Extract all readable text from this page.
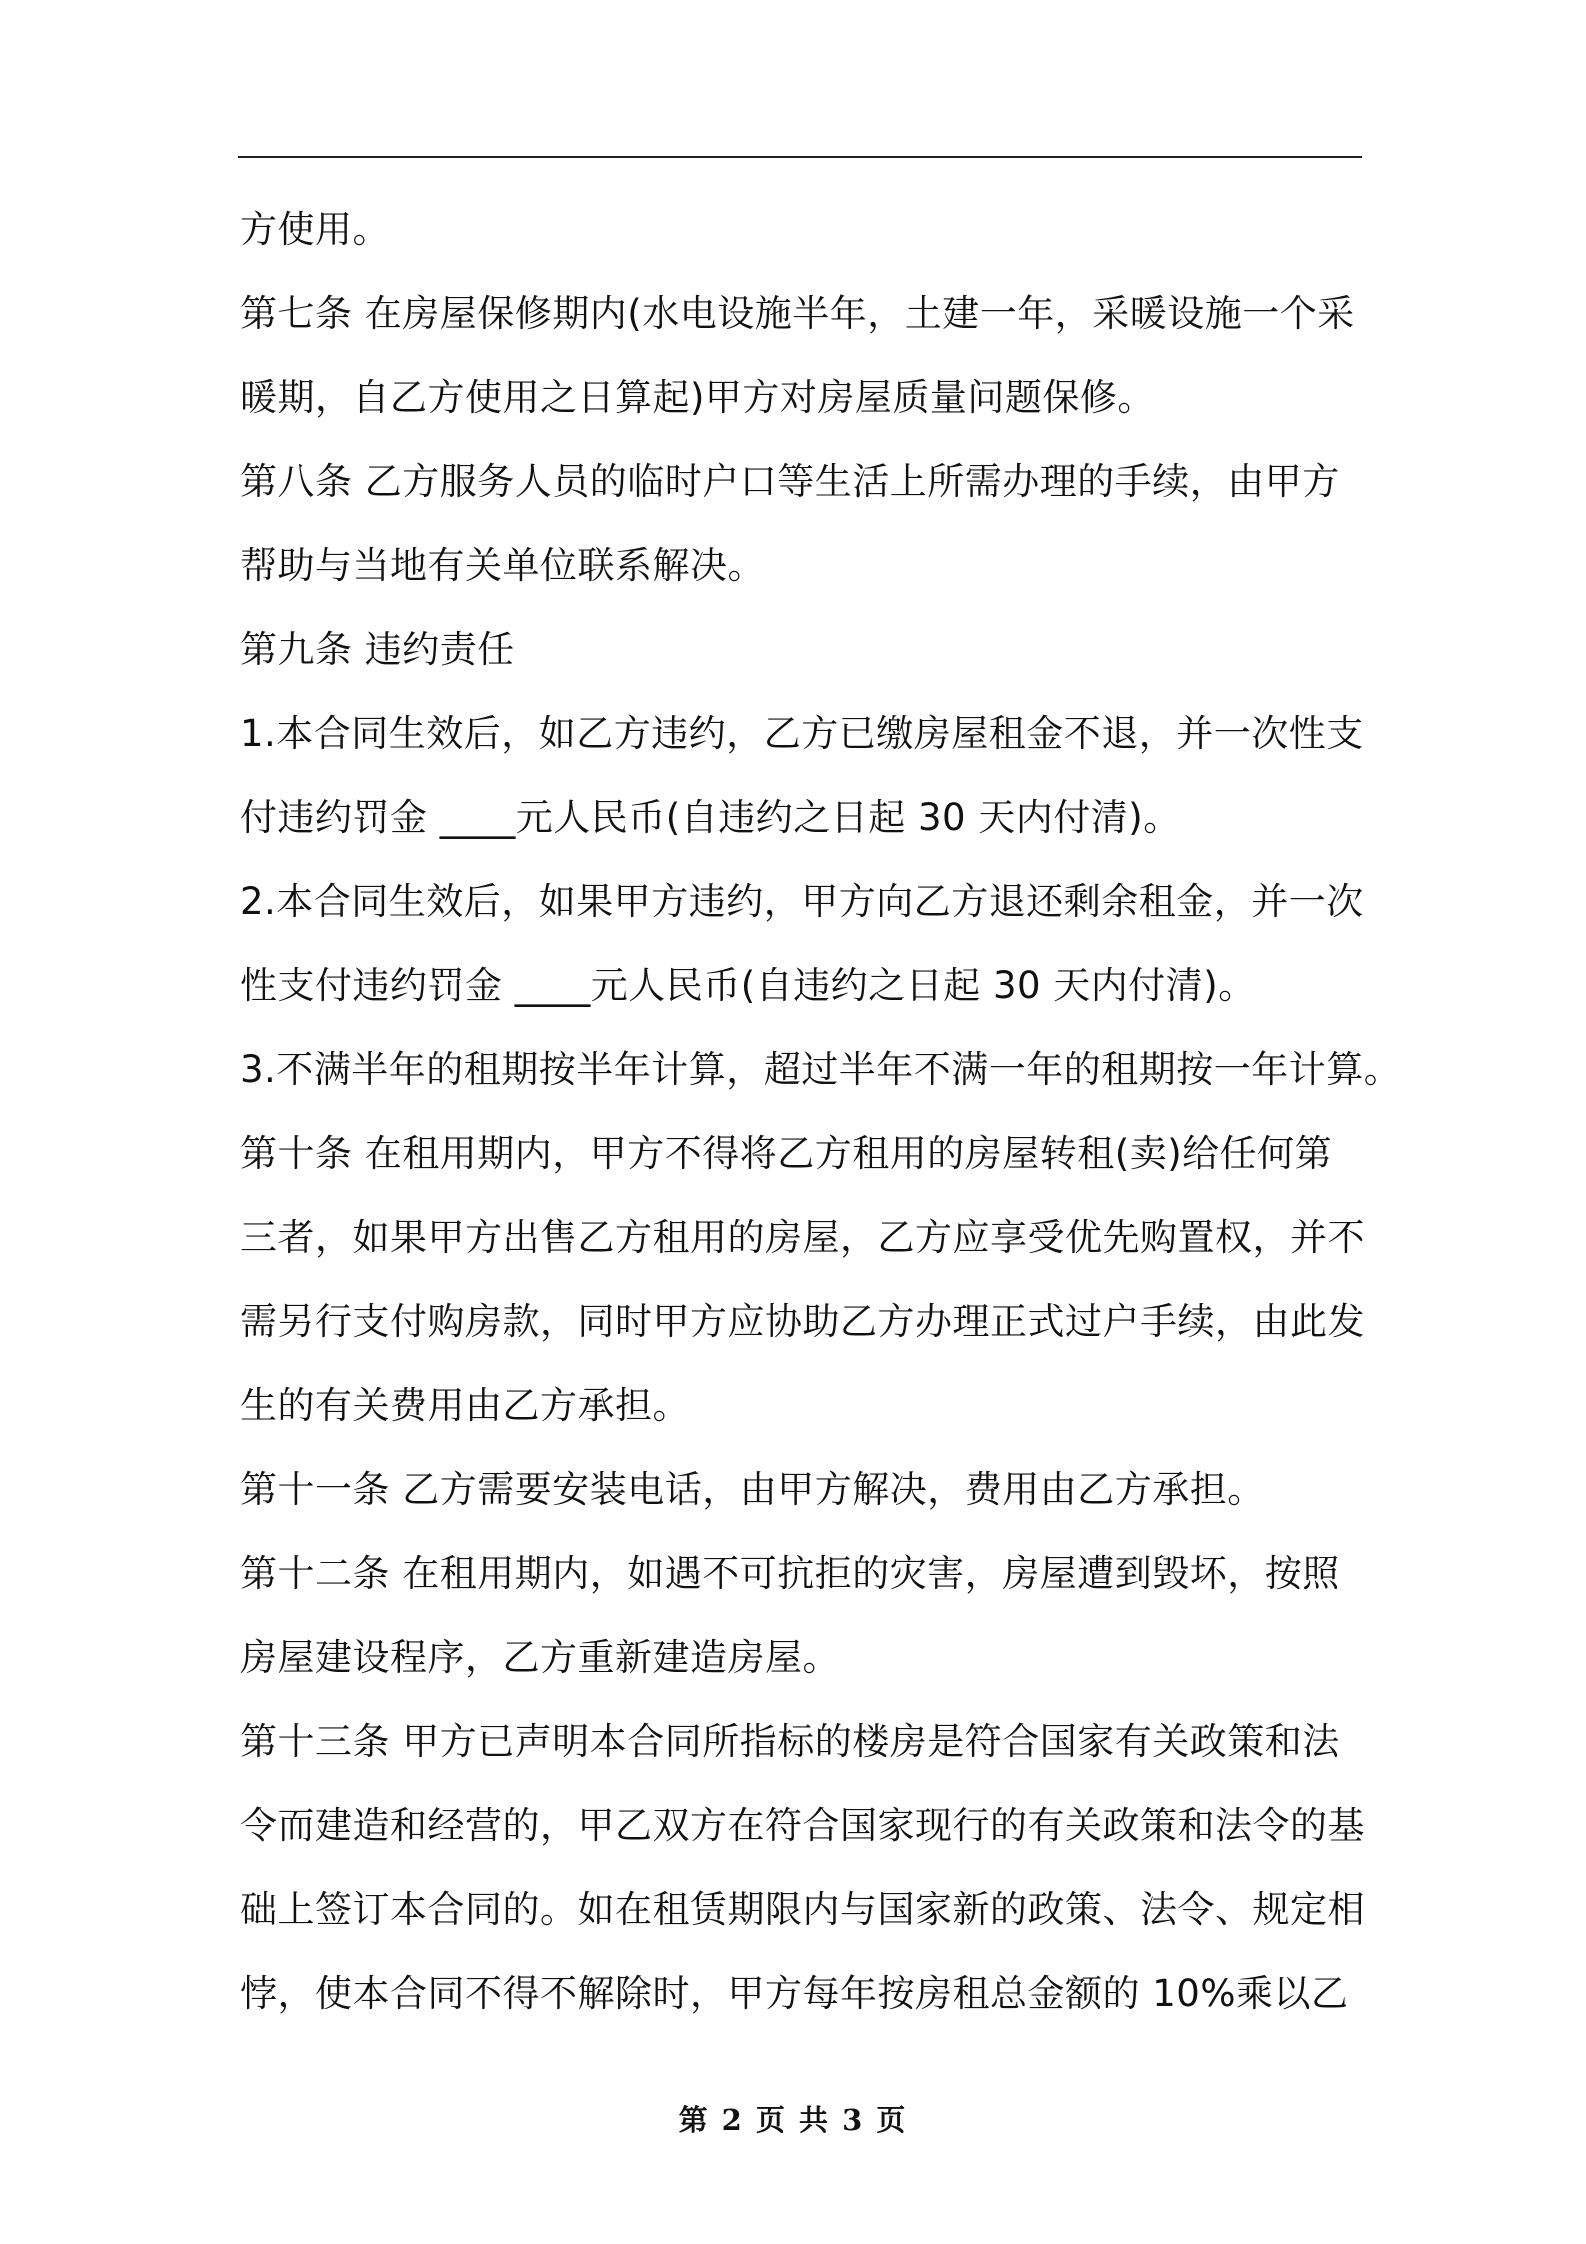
方使用。
第七条 在房屋保修期内(水电设施半年，土建一年，采暖设施一个采
暖期，自乙方使用之日算起)甲方对房屋质量问题保修。
第八条 乙方服务人员的临时户口等生活上所需办理的手续，由甲方
帮助与当地有关单位联系解决。
第九条 违约责任
1.本合同生效后，如乙方违约，乙方已缴房屋租金不退，并一次性支
付违约罚金 ____元人民币(自违约之日起 30 天内付清)。
2.本合同生效后，如果甲方违约，甲方向乙方退还剩余租金，并一次
性支付违约罚金 ____元人民币(自违约之日起 30 天内付清)。
3.不满半年的租期按半年计算，超过半年不满一年的租期按一年计算。
第十条 在租用期内，甲方不得将乙方租用的房屋转租(卖)给任何第
三者，如果甲方出售乙方租用的房屋，乙方应享受优先购置权，并不
需另行支付购房款，同时甲方应协助乙方办理正式过户手续，由此发
生的有关费用由乙方承担。
第十一条 乙方需要安装电话，由甲方解决，费用由乙方承担。
第十二条 在租用期内，如遇不可抗拒的灾害，房屋遭到毁坏，按照
房屋建设程序，乙方重新建造房屋。
第十三条 甲方已声明本合同所指标的楼房是符合国家有关政策和法
令而建造和经营的，甲乙双方在符合国家现行的有关政策和法令的基
础上签订本合同的。如在租赁期限内与国家新的政策、法令、规定相
悖，使本合同不得不解除时，甲方每年按房租总金额的 10%乘以乙
第 2 页 共 3 页
